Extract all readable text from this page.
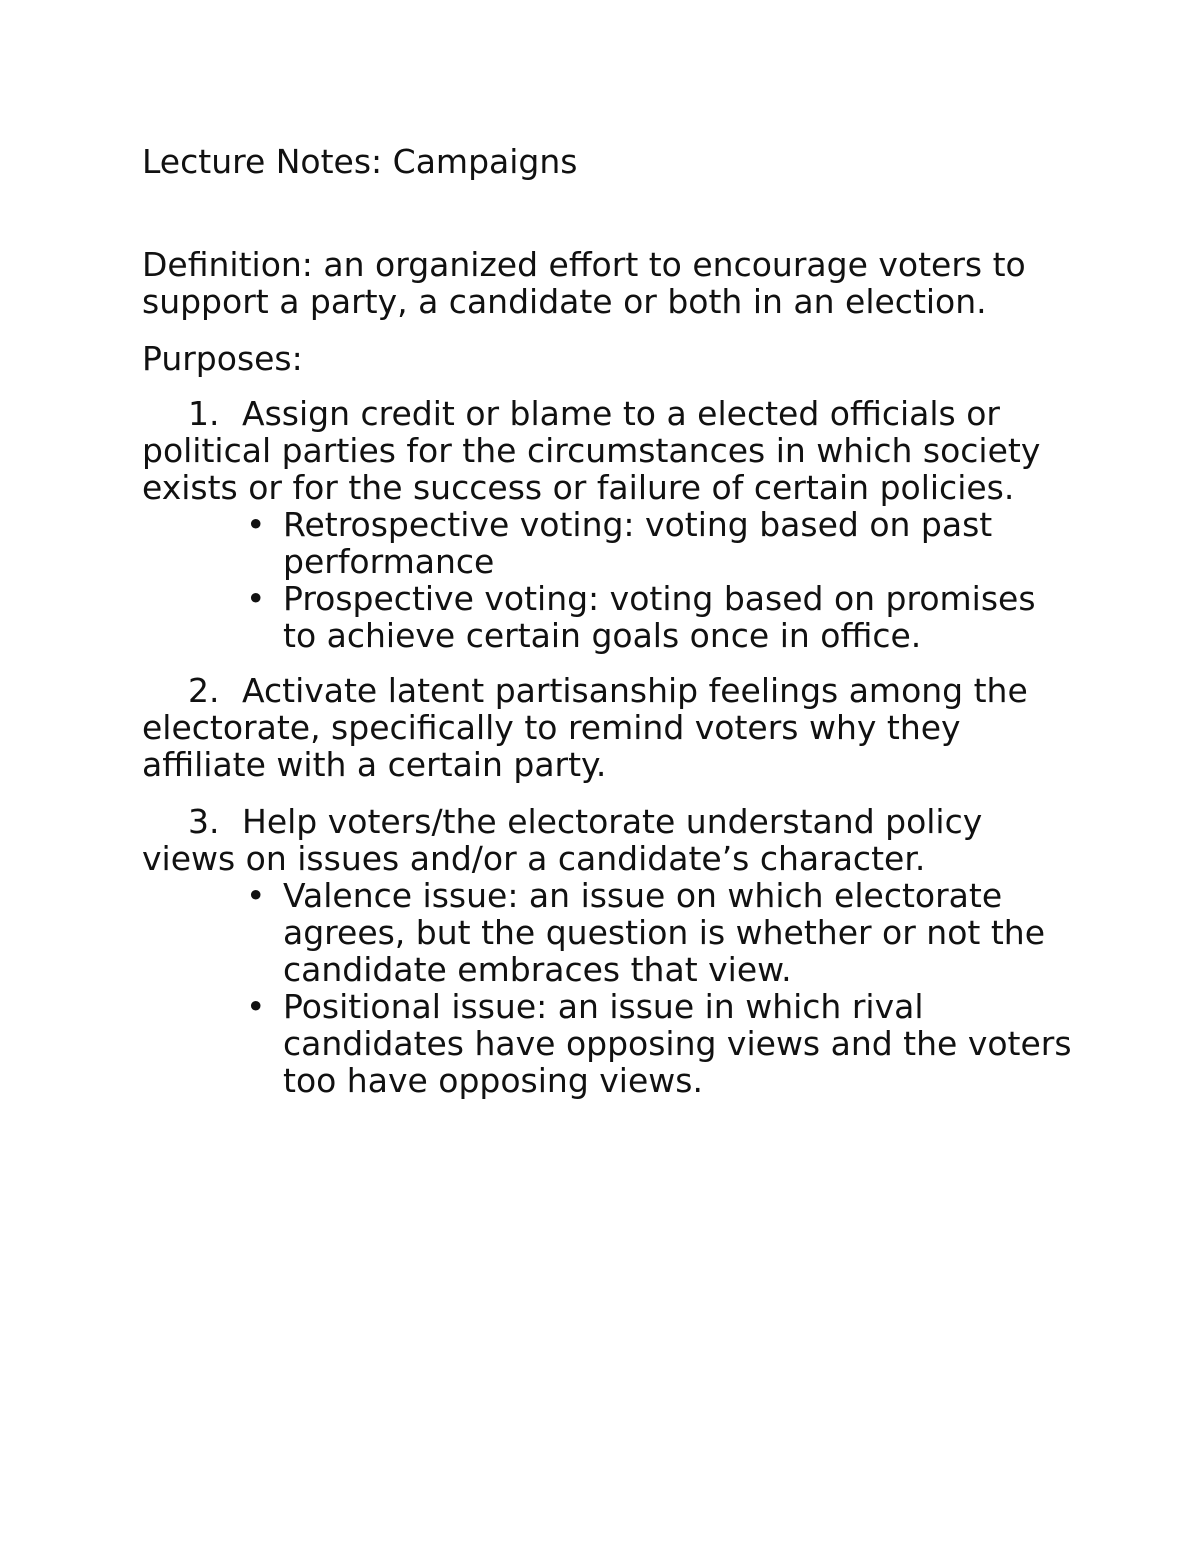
Lecture Notes: Campaigns

Definition: an organized effort to encourage voters to support a party, a candidate or both in an election.

Purposes:

1. Assign credit or blame to a elected officials or political parties for the circumstances in which society exists or for the success or failure of certain policies.

• Retrospective voting: voting based on past performance
• Prospective voting: voting based on promises to achieve certain goals once in office.

2. Activate latent partisanship feelings among the electorate, specifically to remind voters why they affiliate with a certain party.

3. Help voters/the electorate understand policy views on issues and/or a candidate’s character.

• Valence issue: an issue on which electorate agrees, but the question is whether or not the candidate embraces that view.
• Positional issue: an issue in which rival candidates have opposing views and the voters too have opposing views.
